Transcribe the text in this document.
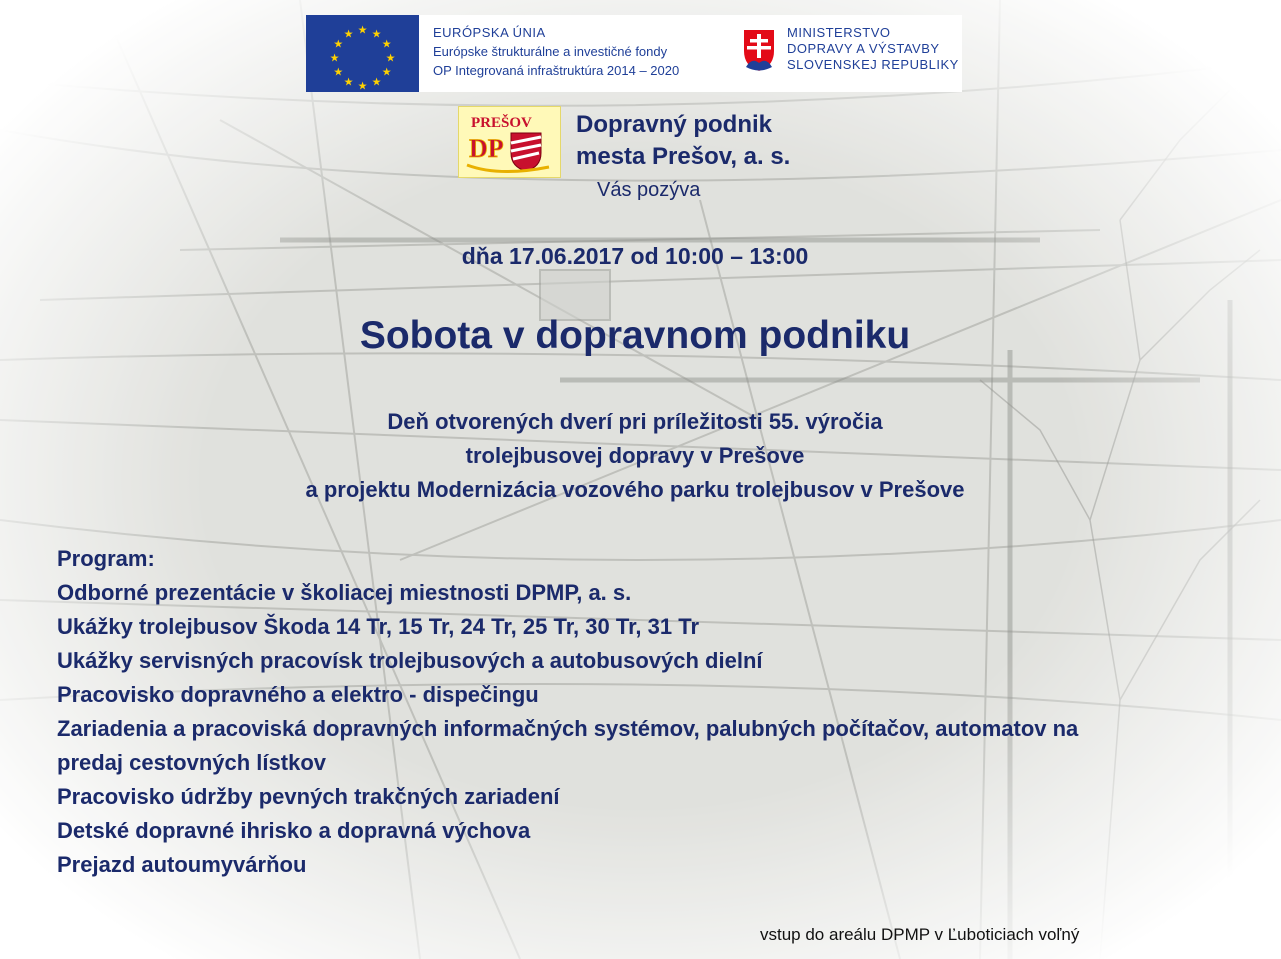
★ ★
★
★
★
★
★
★
★
★
★
★	EURÓPSKA ÚNIA
Európske štrukturálne a investičné fondy
OP Integrovaná infraštruktúra 2014 – 2020
MINISTERSTVO
DOPRAVY A VÝSTAVBY
SLOVENSKEJ REPUBLIKY
PREŠOV
DP
Dopravný podnik
mesta Prešov, a. s.
Vás pozýva
dňa 17.06.2017 od 10:00 – 13:00
Sobota v dopravnom podniku
Deň otvorených dverí pri príležitosti 55. výročia
trolejbusovej dopravy v Prešove
a projektu Modernizácia vozového parku trolejbusov v Prešove
Program:
Odborné prezentácie v školiacej miestnosti DPMP, a. s.
Ukážky trolejbusov Škoda 14 Tr, 15 Tr, 24 Tr, 25 Tr, 30 Tr, 31 Tr
Ukážky servisných pracovísk trolejbusových a autobusových dielní
Pracovisko dopravného a elektro - dispečingu
Zariadenia a pracoviská dopravných informačných systémov, palubných počítačov, automatov na
predaj cestovných lístkov
Pracovisko údržby pevných trakčných zariadení
Detské dopravné ihrisko a dopravná výchova
Prejazd autoumyvárňou
vstup do areálu DPMP v Ľuboticiach voľný
